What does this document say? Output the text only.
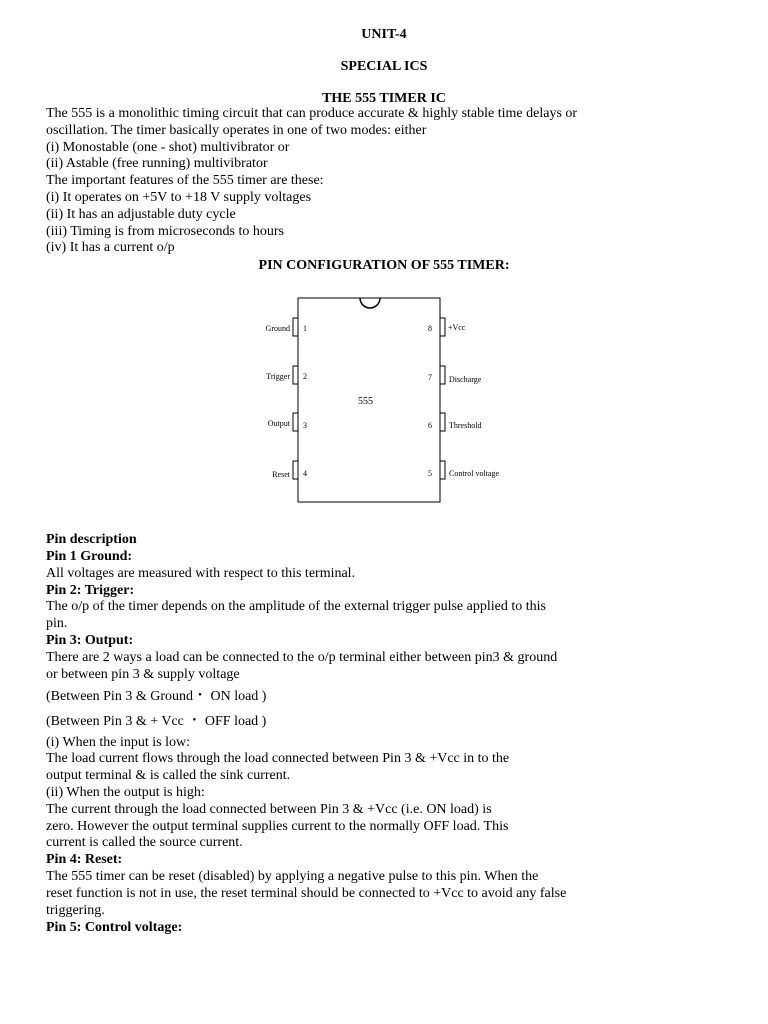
UNIT-4
SPECIAL ICS
THE 555 TIMER IC
The 555 is a monolithic timing circuit that can produce accurate & highly stable time delays or
oscillation. The timer basically operates in one of two modes: either
(i) Monostable (one - shot) multivibrator or
(ii) Astable (free running) multivibrator
The important features of the 555 timer are these:
(i) It operates on +5V to +18 V supply voltages
(ii) It has an adjustable duty cycle
(iii) Timing is from microseconds to hours
(iv) It has a current o/p
PIN CONFIGURATION OF 555 TIMER:
555
Ground 1
Trigger 2
Output 3
Reset 4
8 +Vcc
7 Discharge
6 Threshold
5 Control voltage
Pin description
Pin 1 Ground:
All voltages are measured with respect to this terminal.
Pin 2: Trigger:
The o/p of the timer depends on the amplitude of the external trigger pulse applied to this
pin.
Pin 3: Output:
There are 2 ways a load can be connected to the o/p terminal either between pin3 & ground
or between pin 3 & supply voltage
(Between Pin 3 & Ground・ ON load )
(Between Pin 3 & + Vcc ・ OFF load )
(i) When the input is low:
The load current flows through the load connected between Pin 3 & +Vcc in to the
output terminal & is called the sink current.
(ii) When the output is high:
The current through the load connected between Pin 3 & +Vcc (i.e. ON load) is
zero. However the output terminal supplies current to the normally OFF load. This
current is called the source current.
Pin 4: Reset:
The 555 timer can be reset (disabled) by applying a negative pulse to this pin. When the
reset function is not in use, the reset terminal should be connected to +Vcc to avoid any false
triggering.
Pin 5: Control voltage:
